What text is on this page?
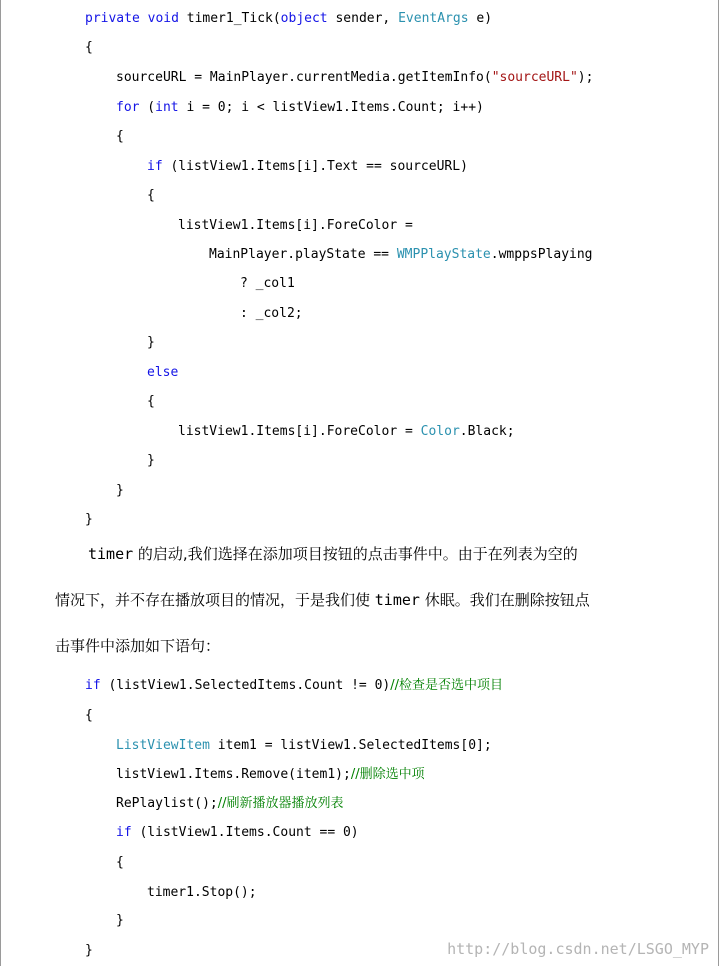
private void timer1_Tick(object sender, EventArgs e)
{
sourceURL = MainPlayer.currentMedia.getItemInfo("sourceURL");
for (int i = 0; i < listView1.Items.Count; i++)
{
if (listView1.Items[i].Text == sourceURL)
{
listView1.Items[i].ForeColor =
MainPlayer.playState == WMPPlayState.wmppsPlaying
? _col1
: _col2;
}
else
{
listView1.Items[i].ForeColor = Color.Black;
}
}
}
timer 的启动,我们选择在添加项目按钮的点击事件中。由于在列表为空的
情况下，并不存在播放项目的情况，于是我们使 timer 休眠。我们在删除按钮点
击事件中添加如下语句：
if (listView1.SelectedItems.Count != 0)//检查是否选中项目
{
ListViewItem item1 = listView1.SelectedItems[0];
listView1.Items.Remove(item1);//删除选中项
RePlaylist();//刷新播放器播放列表
if (listView1.Items.Count == 0)
{
timer1.Stop();
}
}	http://blog.csdn.net/LSGO_MYP
